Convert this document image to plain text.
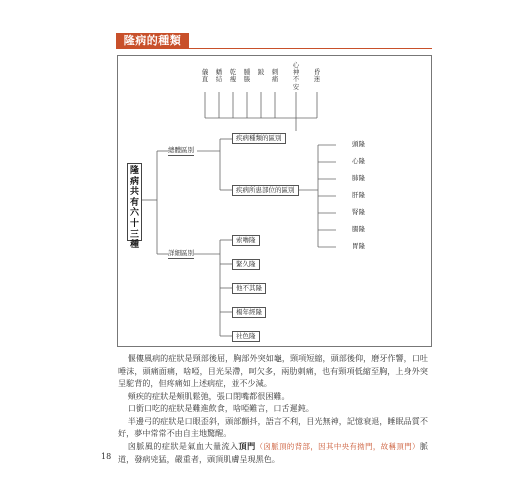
隆病的種類
儀直
蟠結
乾瘦
腫脹
跛 刺痛
心神不安
昏迷
隆病共有六十三種
總體區別
疾病種類的區別
疾病所患部位的區別
頭隆
心隆
肺隆
肝隆
腎隆
腸隆
胃隆
詳細區別
索嚕隆
緊久隆
他不其隆
楊年經隆
社色隆

偃僂風病的症狀是頸部後屈，胸部外突如龜，頸項短縮，頭部後仰，磨牙作響，口吐唾沫，頭痛面痛，啥啞，目光呆滯，呵欠多，兩肋刺痛，也有頸項低縮至胸，上身外突呈駝背的，但疼痛如上述病症，並不少減。

頰疾的症狀是頰肌鬆弛，張口閉嘴都很困難。

口銜口吃的症狀是難進飲食，啥啞難言，口舌遲鈍。

半邊弓的症狀是口眼歪斜，頭部顫抖，語言不利，目光無神，記憶衰退，睡眠品質不好，夢中常常不由自主地驚醒。

囟脈風的症狀是氣血大量流入頂門（囟脈頂的背部，因其中央有拗門，故稱頂門）脈道，發病兇猛，嚴重者，頭頂肌膚呈現黑色。

18
